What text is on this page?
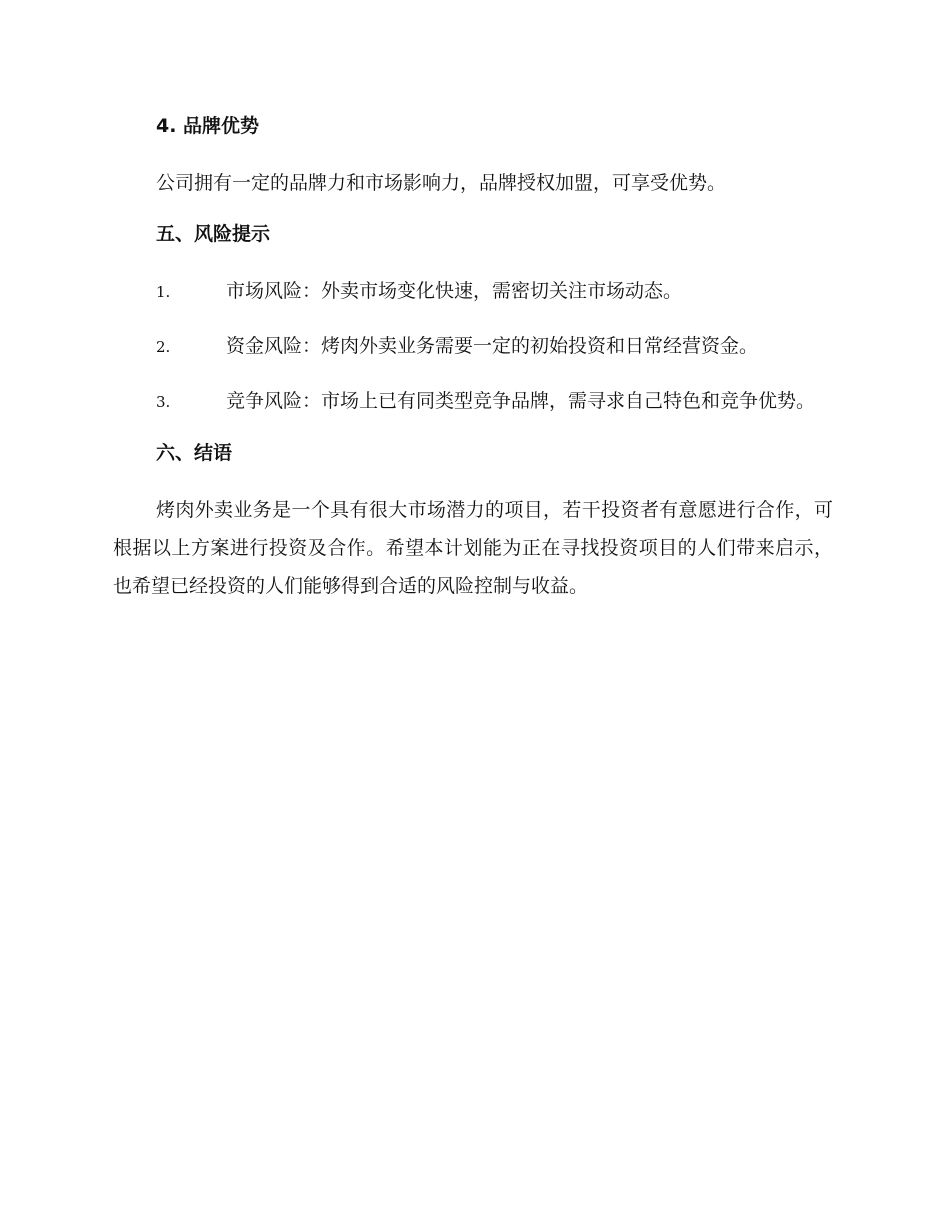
4. 品牌优势

公司拥有一定的品牌力和市场影响力，品牌授权加盟，可享受优势。

五、风险提示
1.	市场风险：外卖市场变化快速，需密切关注市场动态。
2.	资金风险：烤肉外卖业务需要一定的初始投资和日常经营资金。
3.	竞争风险：市场上已有同类型竞争品牌，需寻求自己特色和竞争优势。
六、结语

烤肉外卖业务是一个具有很大市场潜力的项目，若干投资者有意愿进行合作，可根据以上方案进行投资及合作。希望本计划能为正在寻找投资项目的人们带来启示，也希望已经投资的人们能够得到合适的风险控制与收益。
